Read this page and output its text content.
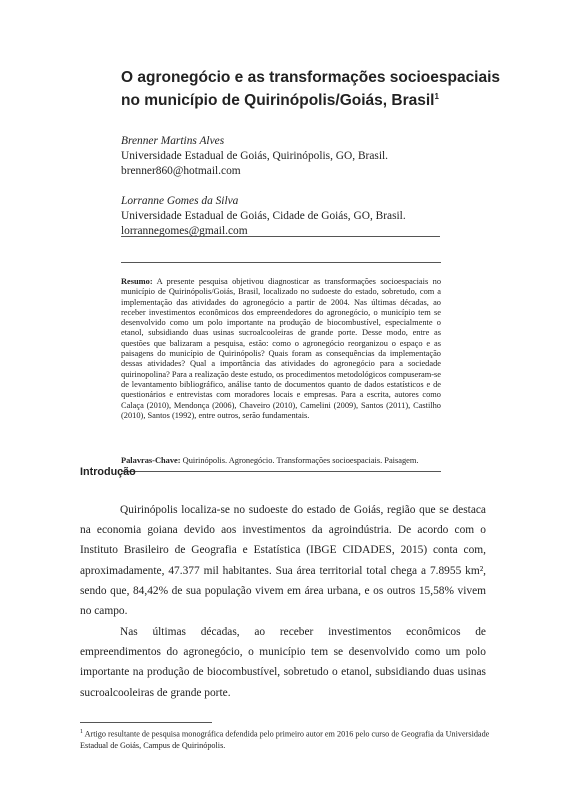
O agronegócio e as transformações socioespaciais
no município de Quirinópolis/Goiás, Brasil$^1$
Brenner Martins Alves
Universidade Estadual de Goiás, Quirinópolis, GO, Brasil.
brenner860@hotmail.com
Lorranne Gomes da Silva
Universidade Estadual de Goiás, Cidade de Goiás, GO, Brasil.
lorrannegomes@gmail.com
Resumo: A presente pesquisa objetivou diagnosticar as transformações socioespaciais no município de Quirinópolis/Goiás, Brasil, localizado no sudoeste do estado, sobretudo, com a implementação das atividades do agronegócio a partir de 2004. Nas últimas décadas, ao receber investimentos econômicos dos empreendedores do agronegócio, o município tem se desenvolvido como um polo importante na produção de biocombustível, especialmente o etanol, subsidiando duas usinas sucroalcooleiras de grande porte. Desse modo, entre as questões que balizaram a pesquisa, estão: como o agronegócio reorganizou o espaço e as paisagens do município de Quirinópolis? Quais foram as consequências da implementação dessas atividades? Qual a importância das atividades do agronegócio para a sociedade quirinopolina? Para a realização deste estudo, os procedimentos metodológicos compuseram-se de levantamento bibliográfico, análise tanto de documentos quanto de dados estatísticos e de questionários e entrevistas com moradores locais e empresas. Para a escrita, autores como Calaça (2010), Mendonça (2006), Chaveiro (2010), Camelini (2009), Santos (2011), Castilho (2010), Santos (1992), entre outros, serão fundamentais.
Palavras-Chave: Quirinópolis. Agronegócio. Transformações socioespaciais. Paisagem.
Introdução
Quirinópolis localiza-se no sudoeste do estado de Goiás, região que se destaca na economia goiana devido aos investimentos da agroindústria. De acordo com o Instituto Brasileiro de Geografia e Estatística (IBGE CIDADES, 2015) conta com, aproximadamente, 47.377 mil habitantes. Sua área territorial total chega a 7.8955 km², sendo que, 84,42% de sua população vivem em área urbana, e os outros 15,58% vivem no campo.
Nas últimas décadas, ao receber investimentos econômicos de empreendimentos do agronegócio, o município tem se desenvolvido como um polo importante na produção de biocombustível, sobretudo o etanol, subsidiando duas usinas sucroalcooleiras de grande porte.
$^1$ Artigo resultante de pesquisa monográfica defendida pelo primeiro autor em 2016 pelo curso de Geografia da Universidade Estadual de Goiás, Campus de Quirinópolis.
